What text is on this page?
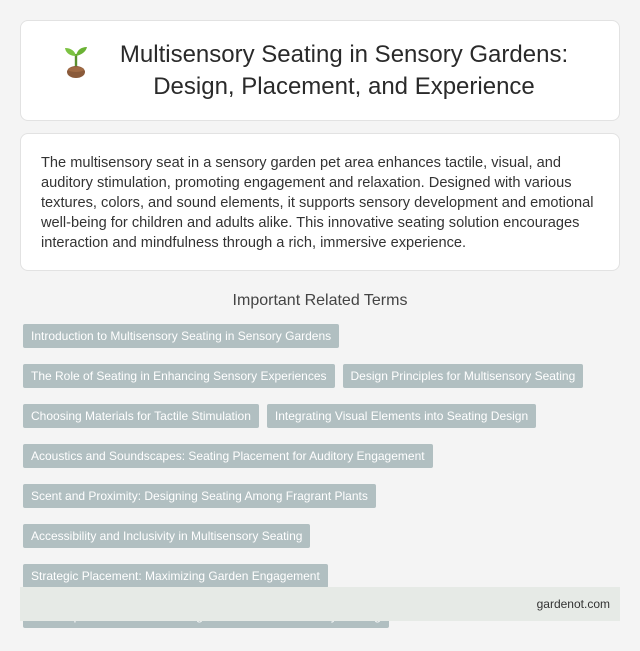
Multisensory Seating in Sensory Gardens: Design, Placement, and Experience

The multisensory seat in a sensory garden pet area enhances tactile, visual, and auditory stimulation, promoting engagement and relaxation. Designed with various textures, colors, and sound elements, it supports sensory development and emotional well-being for children and adults alike. This innovative seating solution encourages interaction and mindfulness through a rich, immersive experience.

Important Related Terms
Introduction to Multisensory Seating in Sensory Gardens
The Role of Seating in Enhancing Sensory Experiences	Design Principles for Multisensory Seating
Choosing Materials for Tactile Stimulation	Integrating Visual Elements into Seating Design
Acoustics and Soundscapes: Seating Placement for Auditory Engagement
Scent and Proximity: Designing Seating Among Fragrant Plants
Accessibility and Inclusivity in Multisensory Seating
Strategic Placement: Maximizing Garden Engagement
gardenot.com
